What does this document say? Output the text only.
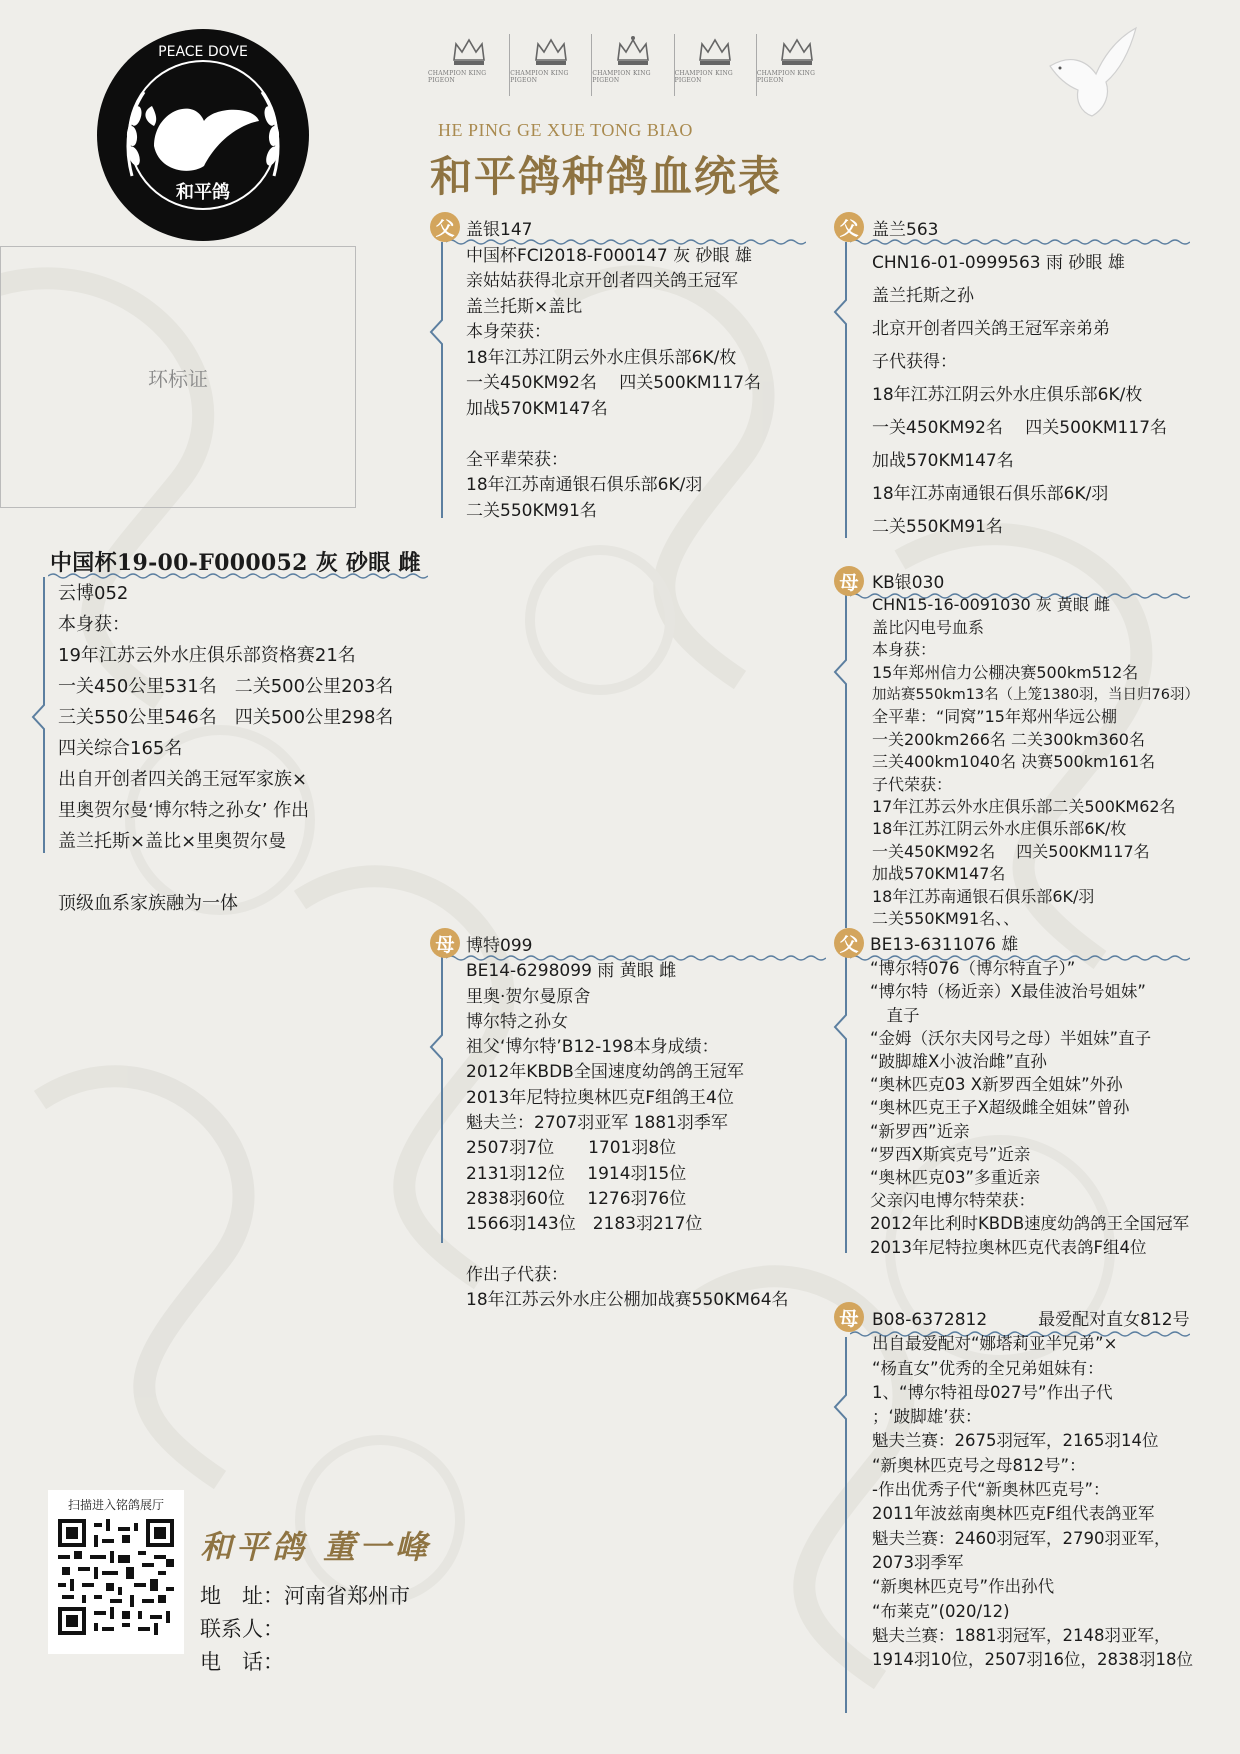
PEACE DOVE
和平鸽
CHAMPION KING PIGEON
CHAMPION KING PIGEON
CHAMPION KING PIGEON
CHAMPION KING PIGEON
CHAMPION KING PIGEON
HE PING GE XUE TONG BIAO
和平鸽种鸽血统表
环标证
父
母
父
母
父
母
中国杯19-00-F000052 灰 砂眼 雌
云博052
本身获：
19年江苏云外水庄俱乐部资格赛21名
一关450公里531名　二关500公里203名
三关550公里546名　四关500公里298名
四关综合165名
出自开创者四关鸽王冠军家族×
里奥贺尔曼‘博尔特之孙女’ 作出
盖兰托斯×盖比×里奥贺尔曼
顶级血系家族融为一体
盖银147
中国杯FCI2018-F000147 灰 砂眼 雄
亲姑姑获得北京开创者四关鸽王冠军
盖兰托斯×盖比
本身荣获：
18年江苏江阴云外水庄俱乐部6K/枚
一关450KM92名　 四关500KM117名
加战570KM147名
全平辈荣获：
18年江苏南通银石俱乐部6K/羽
二关550KM91名
博特099
BE14-6298099 雨 黄眼 雌
里奥·贺尔曼原舍
博尔特之孙女
祖父‘博尔特’B12-198本身成绩：
2012年KBDB全国速度幼鸽鸽王冠军
2013年尼特拉奥林匹克F组鸽王4位
魁夫兰：2707羽亚军 1881羽季军
2507羽7位　　1701羽8位
2131羽12位　 1914羽15位
2838羽60位　 1276羽76位
1566羽143位　2183羽217位
作出子代获：
18年江苏云外水庄公棚加战赛550KM64名
盖兰563
CHN16-01-0999563 雨 砂眼 雄
盖兰托斯之孙
北京开创者四关鸽王冠军亲弟弟
子代获得：
18年江苏江阴云外水庄俱乐部6K/枚
一关450KM92名　 四关500KM117名
加战570KM147名
18年江苏南通银石俱乐部6K/羽
二关550KM91名
KB银030
CHN15-16-0091030 灰 黄眼 雌
盖比闪电号血系
本身获：
15年郑州信力公棚决赛500km512名
加站赛550km13名（上笼1380羽，当日归76羽）
全平辈：“同窝”15年郑州华远公棚
一关200km266名 二关300km360名
三关400km1040名 决赛500km161名
子代荣获：
17年江苏云外水庄俱乐部二关500KM62名
18年江苏江阴云外水庄俱乐部6K/枚
一关450KM92名　 四关500KM117名
加战570KM147名
18年江苏南通银石俱乐部6K/羽
二关550KM91名、、
BE13-6311076 雄
“博尔特076（博尔特直子）”
“博尔特（杨近亲）X最佳波治号姐妹”
　直子
“金姆（沃尔夫冈号之母）半姐妹”直子
“跛脚雄X小波治雌”直孙
“奥林匹克03 X新罗西全姐妹”外孙
“奥林匹克王子X超级雌全姐妹”曾孙
“新罗西”近亲
“罗西X斯宾克号”近亲
“奥林匹克03”多重近亲
父亲闪电博尔特荣获：
2012年比利时KBDB速度幼鸽鸽王全国冠军
2013年尼特拉奥林匹克代表鸽F组4位
B08-6372812　　　最爱配对直女812号
出自最爱配对“娜塔莉亚半兄弟”×
“杨直女”优秀的全兄弟姐妹有：
1、“博尔特祖母027号”作出子代
；‘跛脚雄’获：
魁夫兰赛：2675羽冠军，2165羽14位
“新奥林匹克号之母812号”：
-作出优秀子代“新奥林匹克号”：
2011年波兹南奥林匹克F组代表鸽亚军
魁夫兰赛：2460羽冠军，2790羽亚军，
2073羽季军
“新奥林匹克号”作出孙代
“布莱克”(020/12)
魁夫兰赛：1881羽冠军，2148羽亚军，
1914羽10位，2507羽16位，2838羽18位
扫描进入铭鸽展厅
和平鸽 董一峰
地　址：河南省郑州市
联系人：
电　话：
